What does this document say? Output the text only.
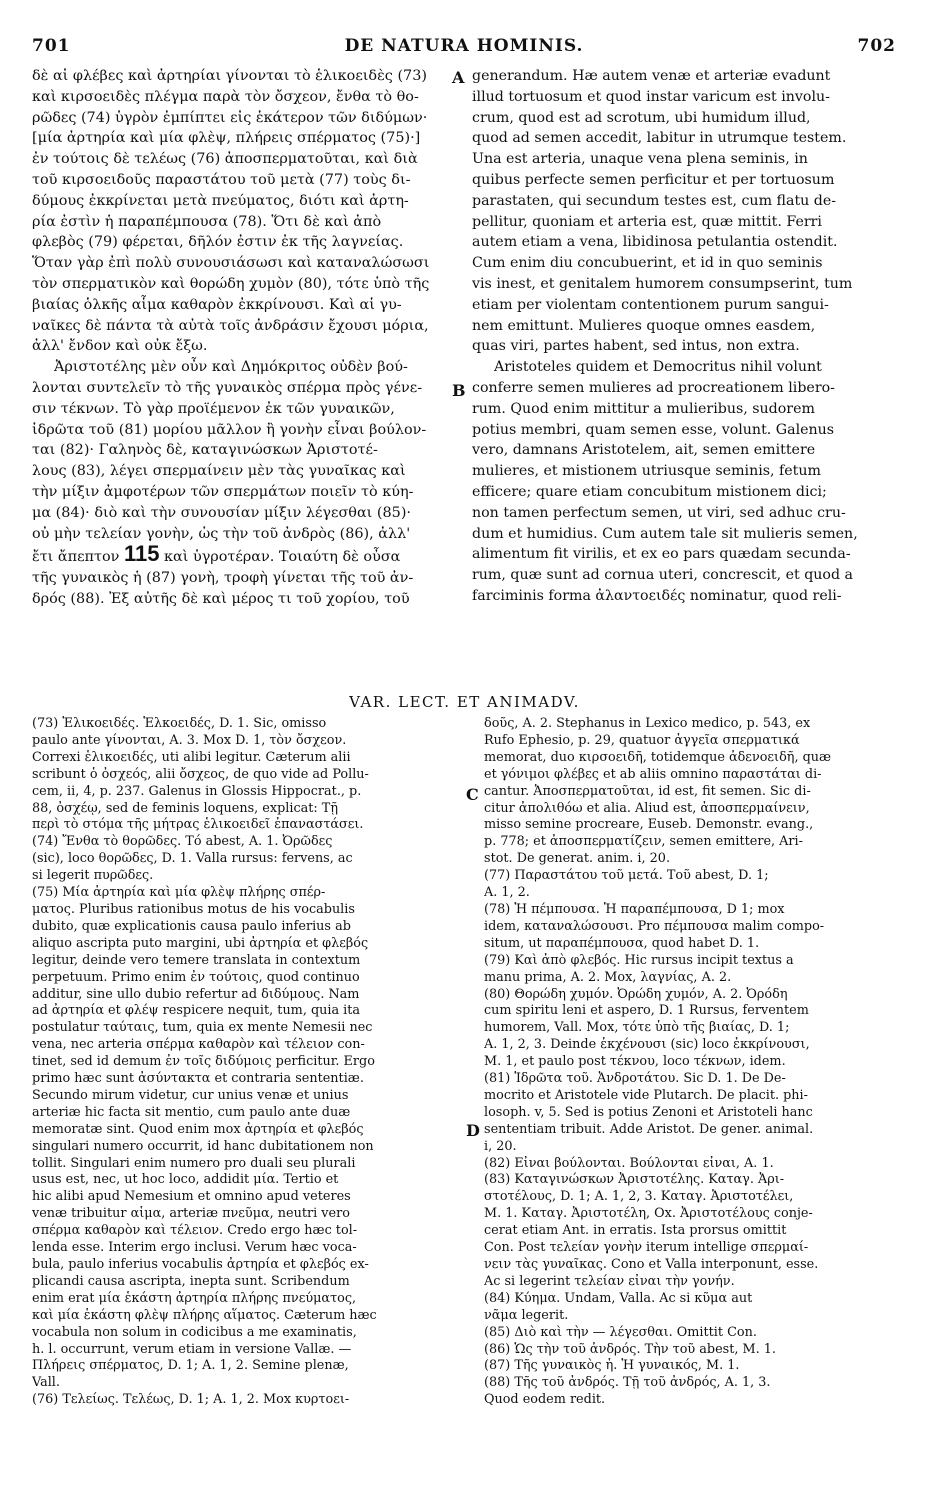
701	DE NATURA HOMINIS.	702
δὲ αἱ φλέβες καὶ ἀρτηρίαι γίνονται τὸ ἑλικοειδὲς (73)
καὶ κιρσοειδὲς πλέγμα παρὰ τὸν ὄσχεον, ἔνθα τὸ θο-
ρῶδες (74) ὑγρὸν ἐμπίπτει εἰς ἑκάτερον τῶν διδύμων·
[μία ἀρτηρία καὶ μία φλὲψ, πλήρεις σπέρματος (75)·]
ἐν τούτοις δὲ τελέως (76) ἀποσπερματοῦται, καὶ διὰ
τοῦ κιρσοειδοῦς παραστάτου τοῦ μετὰ (77) τοὺς δι-
δύμους ἐκκρίνεται μετὰ πνεύματος, διότι καὶ ἀρτη-
ρία ἐστὶν ἡ παραπέμπουσα (78). Ὅτι δὲ καὶ ἀπὸ
φλεβὸς (79) φέρεται, δῆλόν ἐστιν ἐκ τῆς λαγνείας.
Ὅταν γὰρ ἐπὶ πολὺ συνουσιάσωσι καὶ καταναλώσωσι
τὸν σπερματικὸν καὶ θορώδη χυμὸν (80), τότε ὑπὸ τῆς
βιαίας ὁλκῆς αἷμα καθαρὸν ἐκκρίνουσι. Καὶ αἱ γυ-
ναῖκες δὲ πάντα τὰ αὐτὰ τοῖς ἀνδράσιν ἔχουσι μόρια,
ἀλλ' ἔνδον καὶ οὐκ ἔξω.
Ἀριστοτέλης μὲν οὖν καὶ Δημόκριτος οὐδὲν βού-
λονται συντελεῖν τὸ τῆς γυναικὸς σπέρμα πρὸς γένε-
σιν τέκνων. Τὸ γὰρ προϊέμενον ἐκ τῶν γυναικῶν,
ἱδρῶτα τοῦ (81) μορίου μᾶλλον ἢ γονὴν εἶναι βούλον-
ται (82)· Γαληνὸς δὲ, καταγινώσκων Ἀριστοτέ-
λους (83), λέγει σπερμαίνειν μὲν τὰς γυναῖκας καὶ
τὴν μίξιν ἀμφοτέρων τῶν σπερμάτων ποιεῖν τὸ κύη-
μα (84)· διὸ καὶ τὴν συνουσίαν μίξιν λέγεσθαι (85)·
οὐ μὴν τελείαν γονὴν, ὡς τὴν τοῦ ἀνδρὸς (86), ἀλλ'
ἔτι ἄπεπτον 115 καὶ ὑγροτέραν. Τοιαύτη δὲ οὖσα
τῆς γυναικὸς ἡ (87) γονὴ, τροφὴ γίνεται τῆς τοῦ ἀν-
δρός (88). Ἐξ αὐτῆς δὲ καὶ μέρος τι τοῦ χορίου, τοῦ
generandum. Hæ autem venæ et arteriæ evadunt
illud tortuosum et quod instar varicum est involu-
crum, quod est ad scrotum, ubi humidum illud,
quod ad semen accedit, labitur in utrumque testem.
Una est arteria, unaque vena plena seminis, in
quibus perfecte semen perficitur et per tortuosum
parastaten, qui secundum testes est, cum flatu de-
pellitur, quoniam et arteria est, quæ mittit. Ferri
autem etiam a vena, libidinosa petulantia ostendit.
Cum enim diu concubuerint, et id in quo seminis
vis inest, et genitalem humorem consumpserint, tum
etiam per violentam contentionem purum sangui-
nem emittunt. Mulieres quoque omnes easdem,
quas viri, partes habent, sed intus, non extra.
Aristoteles quidem et Democritus nihil volunt
conferre semen mulieres ad procreationem libero-
rum. Quod enim mittitur a mulieribus, sudorem
potius membri, quam semen esse, volunt. Galenus
vero, damnans Aristotelem, ait, semen emittere
mulieres, et mistionem utriusque seminis, fetum
efficere; quare etiam concubitum mistionem dici;
non tamen perfectum semen, ut viri, sed adhuc cru-
dum et humidius. Cum autem tale sit mulieris semen,
alimentum fit virilis, et ex eo pars quædam secunda-
rum, quæ sunt ad cornua uteri, concrescit, et quod a
farciminis forma ἀλαντοειδές nominatur, quod reli-
A
B
C
D
VAR. LECT. ET ANIMADV.
(73) Ἑλικοειδές. Ἑλκοειδές, D. 1. Sic, omisso
paulo ante γίνονται, A. 3. Mox D. 1, τὸν ὄσχεον.
Correxi ἑλικοειδές, uti alibi legitur. Cæterum alii
scribunt ὁ ὀσχεός, alii ὄσχεος, de quo vide ad Pollu-
cem, ii, 4, p. 237. Galenus in Glossis Hippocrat., p.
88, ὀσχέῳ, sed de feminis loquens, explicat: Τῇ
περὶ τὸ στόμα τῆς μήτρας ἑλικοειδεῖ ἐπαναστάσει.
(74) Ἔνθα τὸ θορῶδες. Τό abest, A. 1. Ὀρῶδες
(sic), loco θορῶδες, D. 1. Valla rursus: fervens, ac
si legerit πυρῶδες.
(75) Μία ἀρτηρία καὶ μία φλὲψ πλήρης σπέρ-
ματος. Pluribus rationibus motus de his vocabulis
dubito, quæ explicationis causa paulo inferius ab
aliquo ascripta puto margini, ubi ἀρτηρία et φλεβός
legitur, deinde vero temere translata in contextum
perpetuum. Primo enim ἐν τούτοις, quod continuo
additur, sine ullo dubio refertur ad διδύμους. Nam
ad ἀρτηρία et φλέψ respicere nequit, tum, quia ita
postulatur ταύταις, tum, quia ex mente Nemesii nec
vena, nec arteria σπέρμα καθαρὸν καὶ τέλειον con-
tinet, sed id demum ἐν τοῖς διδύμοις perficitur. Ergo
primo hæc sunt ἀσύντακτα et contraria sententiæ.
Secundo mirum videtur, cur unius venæ et unius
arteriæ hic facta sit mentio, cum paulo ante duæ
memoratæ sint. Quod enim mox ἀρτηρία et φλεβός
singulari numero occurrit, id hanc dubitationem non
tollit. Singulari enim numero pro duali seu plurali
usus est, nec, ut hoc loco, addidit μία. Tertio et
hic alibi apud Nemesium et omnino apud veteres
venæ tribuitur αἷμα, arteriæ πνεῦμα, neutri vero
σπέρμα καθαρὸν καὶ τέλειον. Credo ergo hæc tol-
lenda esse. Interim ergo inclusi. Verum hæc voca-
bula, paulo inferius vocabulis ἀρτηρία et φλεβός ex-
plicandi causa ascripta, inepta sunt. Scribendum
enim erat μία ἑκάστη ἀρτηρία πλήρης πνεύματος,
καὶ μία ἑκάστη φλὲψ πλήρης αἵματος. Cæterum hæc
vocabula non solum in codicibus a me examinatis,
h. l. occurrunt, verum etiam in versione Vallæ. —
Πλήρεις σπέρματος, D. 1; A. 1, 2. Semine plenæ,
Vall.
(76) Τελείως. Τελέως, D. 1; A. 1, 2. Mox κυρτοει-
δοῦς, A. 2. Stephanus in Lexico medico, p. 543, ex
Rufo Ephesio, p. 29, quatuor ἀγγεῖα σπερματικά
memorat, duo κιρσοειδῆ, totidemque ἀδενοειδῆ, quæ
et γόνιμοι φλέβες et ab aliis omnino παραστάται di-
cantur. Ἀποσπερματοῦται, id est, fit semen. Sic di-
citur ἀπολιθόω et alia. Aliud est, ἀποσπερμαίνειν,
misso semine procreare, Euseb. Demonstr. evang.,
p. 778; et ἀποσπερματίζειν, semen emittere, Ari-
stot. De generat. anim. i, 20.
(77) Παραστάτου τοῦ μετά. Τοῦ abest, D. 1;
A. 1, 2.
(78) Ἡ πέμπουσα. Ἡ παραπέμπουσα, D 1; mox
idem, καταναλώσουσι. Pro πέμπουσα malim compo-
situm, ut παραπέμπουσα, quod habet D. 1.
(79) Καὶ ἀπὸ φλεβός. Hic rursus incipit textus a
manu prima, A. 2. Mox, λαγνίας, A. 2.
(80) Θορώδη χυμόν. Ὀρώδη χυμόν, A. 2. Ὀρόδη
cum spiritu leni et aspero, D. 1 Rursus, ferventem
humorem, Vall. Mox, τότε ὑπὸ τῆς βιαίας, D. 1;
A. 1, 2, 3. Deinde ἐκχένουσι (sic) loco ἐκκρίνουσι,
M. 1, et paulo post τέκνου, loco τέκνων, idem.
(81) Ἱδρῶτα τοῦ. Ἀνδροτάτου. Sic D. 1. De De-
mocrito et Aristotele vide Plutarch. De placit. phi-
losoph. v, 5. Sed is potius Zenoni et Aristoteli hanc
sententiam tribuit. Adde Aristot. De gener. animal.
i, 20.
(82) Εἶναι βούλονται. Βούλονται εἶναι, A. 1.
(83) Καταγινώσκων Ἀριστοτέλης. Καταγ. Ἀρι-
στοτέλους, D. 1; A. 1, 2, 3. Καταγ. Ἀριστοτέλει,
M. 1. Καταγ. Ἀριστοτέλη, Ox. Ἀριστοτέλους conje-
cerat etiam Ant. in erratis. Ista prorsus omittit
Con. Post τελείαν γονὴν iterum intellige σπερμαί-
νειν τὰς γυναῖκας. Cono et Valla interponunt, esse.
Ac si legerint τελείαν εἶναι τὴν γονήν.
(84) Κύημα. Undam, Valla. Ac si κῦμα aut
νᾶμα legerit.
(85) Διὸ καὶ τὴν — λέγεσθαι. Omittit Con.
(86) Ὡς τὴν τοῦ ἀνδρός. Τὴν τοῦ abest, M. 1.
(87) Τῆς γυναικὸς ἡ. Ἡ γυναικός, M. 1.
(88) Τῆς τοῦ ἀνδρός. Τῇ τοῦ ἀνδρός, A. 1, 3.
Quod eodem redit.
